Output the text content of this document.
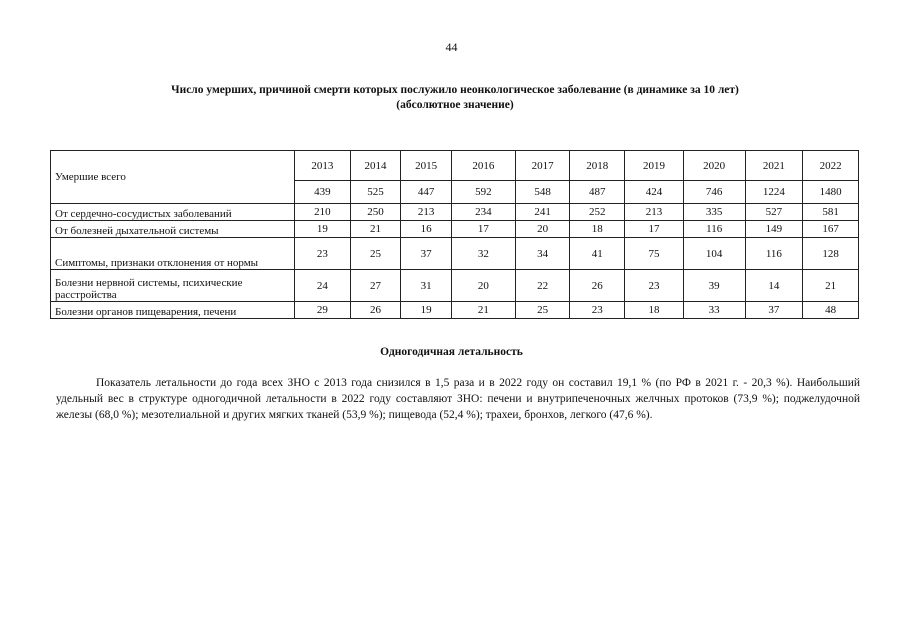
44
Число умерших, причиной смерти которых послужило неонкологическое заболевание (в динамике за 10 лет)
(абсолютное значение)
Умершие всего	2013	2014	2015	2016	2017	2018	2019	2020	2021	2022
	439	525	447	592	548	487	424	746	1224	1480
От сердечно-сосудистых заболеваний	210	250	213	234	241	252	213	335	527	581
От болезней дыхательной системы	19	21	16	17	20	18	17	116	149	167
Симптомы, признаки отклонения от нормы	23	25	37	32	34	41	75	104	116	128
Болезни нервной системы, психические расстройства	24	27	31	20	22	26	23	39	14	21
Болезни органов пищеварения, печени	29	26	19	21	25	23	18	33	37	48
Одногодичная летальность
Показатель летальности до года всех ЗНО с 2013 года снизился в 1,5 раза и в 2022 году он составил 19,1 % (по РФ в 2021 г. - 20,3 %). Наибольший удельный вес в структуре одногодичной летальности в 2022 году составляют ЗНО: печени и внутрипеченочных желчных протоков (73,9 %); поджелудочной железы (68,0 %); мезотелиальной и других мягких тканей (53,9 %); пищевода (52,4 %); трахеи, бронхов, легкого (47,6 %).
